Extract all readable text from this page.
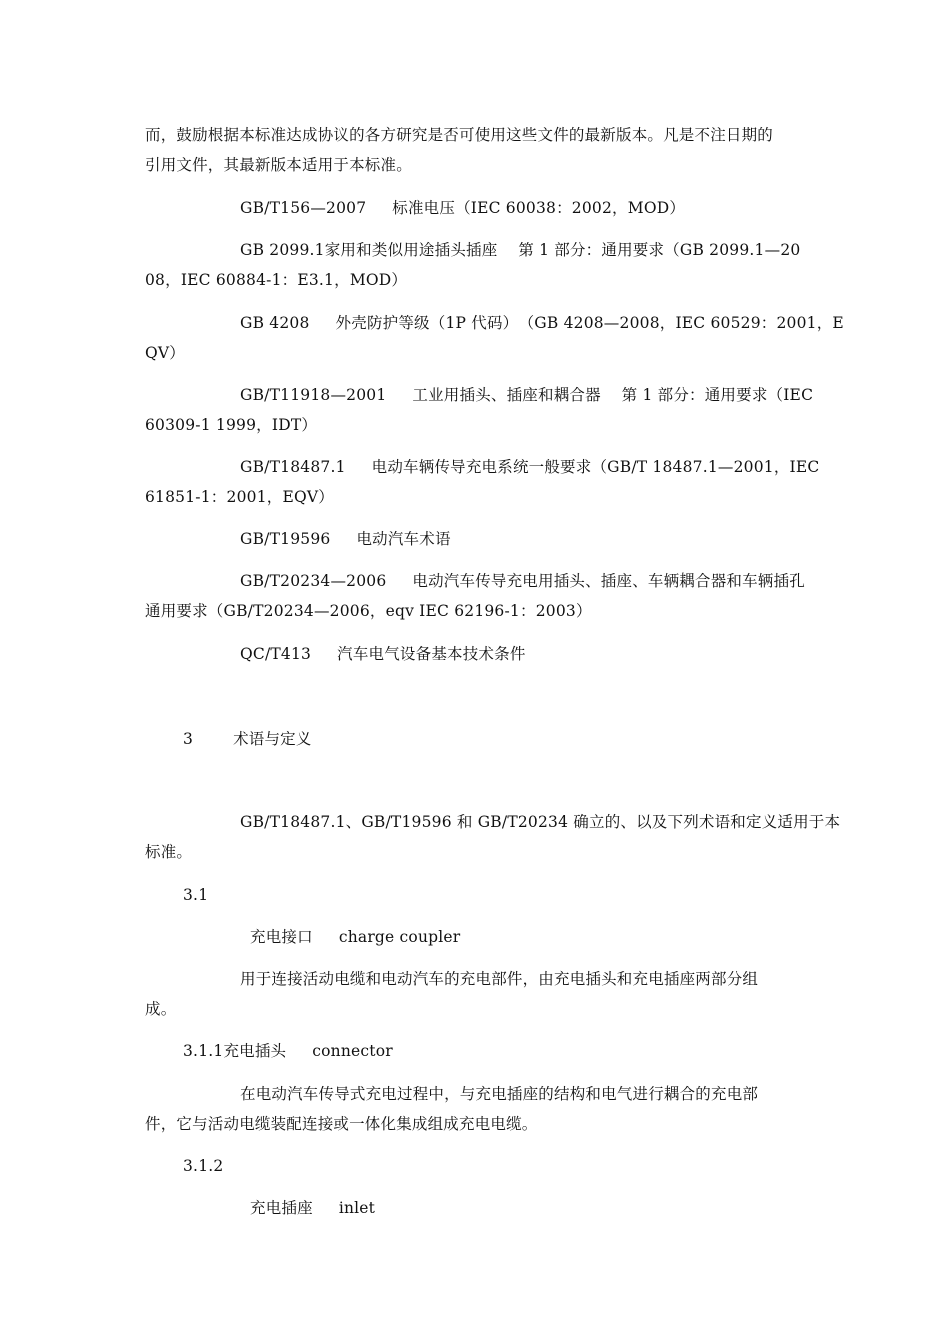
而，鼓励根据本标准达成协议的各方研究是否可使用这些文件的最新版本。凡是不注日期的
引用文件，其最新版本适用于本标准。
GB/T156—2007 标准电压（IEC 60038：2002，MOD）
GB 2099.1家用和类似用途插头插座　 第 1 部分：通用要求（GB 2099.1—20
08，IEC 60884-1：E3.1，MOD）
GB 4208 外壳防护等级（1P 代码）　（GB 4208—2008，IEC 60529：2001，E
QV）
GB/T11918—2001 工业用插头、插座和耦合器　 第 1 部分：通用要求（IEC
60309-1 1999，IDT）
GB/T18487.1 电动车辆传导充电系统一般要求（GB/T 18487.1—2001，IEC
61851-1：2001，EQV）
GB/T19596 电动汽车术语
GB/T20234—2006 电动汽车传导充电用插头、插座、车辆耦合器和车辆插孔
通用要求（GB/T20234—2006，eqv IEC 62196-1：2003）
QC/T413 汽车电气设备基本技术条件
3	术语与定义
GB/T18487.1、GB/T19596 和 GB/T20234 确立的、以及下列术语和定义适用于本
标准。
3.1
充电接口 charge coupler
用于连接活动电缆和电动汽车的充电部件，由充电插头和充电插座两部分组
成。
3.1.1充电插头 connector
在电动汽车传导式充电过程中，与充电插座的结构和电气进行耦合的充电部
件，它与活动电缆装配连接或一体化集成组成充电电缆。
3.1.2
充电插座 inlet
